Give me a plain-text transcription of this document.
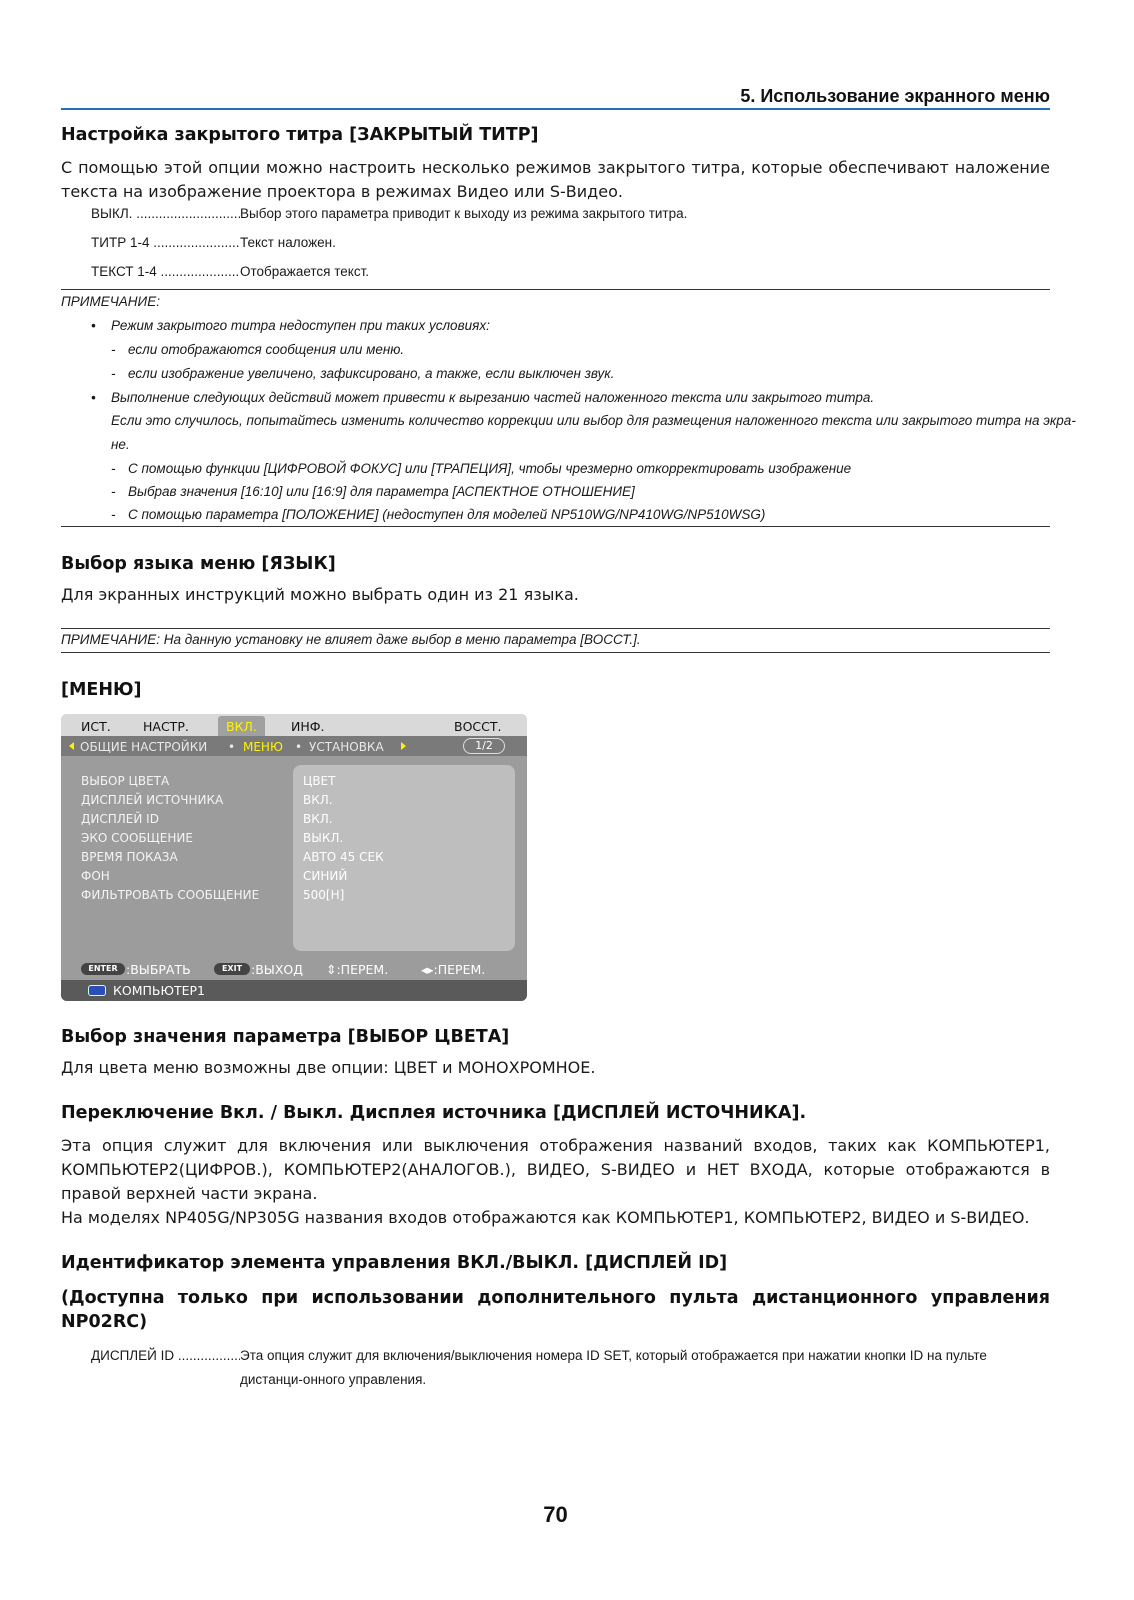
5. Использование экранного меню
Настройка закрытого титра [ЗАКРЫТЫЙ ТИТР]

С помощью этой опции можно настроить несколько режимов закрытого титра, которые обеспечивают наложение текста на изображение проектора в режимах Видео или S-Видео.

ВЫКЛ. .....	Выбор этого параметра приводит к выходу из режима закрытого титра.
ТИТР 1-4 .....	Текст наложен.
ТЕКСТ 1-4 .....	Отображается текст.
ПРИМЕЧАНИЕ:
• Режим закрытого титра недоступен при таких условиях:
- если отображаются сообщения или меню.
- если изображение увеличено, зафиксировано, а также, если выключен звук.
• Выполнение следующих действий может привести к вырезанию частей наложенного текста или закрытого титра.
Если это случилось, попытайтесь изменить количество коррекции или выбор для размещения наложенного текста или закрытого титра на экра-
не.
- С помощью функции [ЦИФРОВОЙ ФОКУС] или [ТРАПЕЦИЯ], чтобы чрезмерно откорректировать изображение
- Выбрав значения [16:10] или [16:9] для параметра [АСПЕКТНОЕ ОТНОШЕНИЕ]
- С помощью параметра [ПОЛОЖЕНИЕ] (недоступен для моделей NP510WG/NP410WG/NP510WSG)
Выбор языка меню [ЯЗЫК]

Для экранных инструкций можно выбрать один из 21 языка.

ПРИМЕЧАНИЕ: На данную установку не влияет даже выбор в меню параметра [ВОССТ.].
[МЕНЮ]
ИСТ.	НАСТР.	ВКЛ.	ИНФ.	ВОССТ.
ОБЩИЕ НАСТРОЙКИ • МЕНЮ • УСТАНОВКА	1/2
ВЫБОР ЦВЕТА	ЦВЕТ
ДИСПЛЕЙ ИСТОЧНИКА	ВКЛ.
ДИСПЛЕЙ ID	ВКЛ.
ЭКО СООБЩЕНИЕ	ВЫКЛ.
ВРЕМЯ ПОКАЗА	АВТО 45 СЕК
ФОН	СИНИЙ
ФИЛЬТРОВАТЬ СООБЩЕНИЕ	500[H]
ENTER :ВЫБРАТЬ	EXIT :ВЫХОД ⇕:ПЕРЕМ.	◂▸:ПЕРЕМ.
КОМПЬЮТЕР1
Выбор значения параметра [ВЫБОР ЦВЕТА]

Для цвета меню возможны две опции: ЦВЕТ и МОНОХРОМНОЕ.

Переключение Вкл. / Выкл. Дисплея источника [ДИСПЛЕЙ ИСТОЧНИКА].

Эта опция служит для включения или выключения отображения названий входов, таких как КОМПЬЮТЕР1, КОМПЬЮТЕР2(ЦИФРОВ.), КОМПЬЮТЕР2(АНАЛОГОВ.), ВИДЕО, S-ВИДЕО и НЕТ ВХОДА, которые отображаются в правой верхней части экрана.

На моделях NP405G/NP305G названия входов отображаются как КОМПЬЮТЕР1, КОМПЬЮТЕР2, ВИДЕО и S-ВИДЕО.

Идентификатор элемента управления ВКЛ./ВЫКЛ. [ДИСПЛЕЙ ID]
(Доступна только при использовании дополнительного пульта дистанционного управления NP02RC)
ДИСПЛЕЙ ID .....	Эта опция служит для включения/выключения номера ID SET, который отображается при нажатии кнопки ID на пульте дистанци-онного управления.
70
